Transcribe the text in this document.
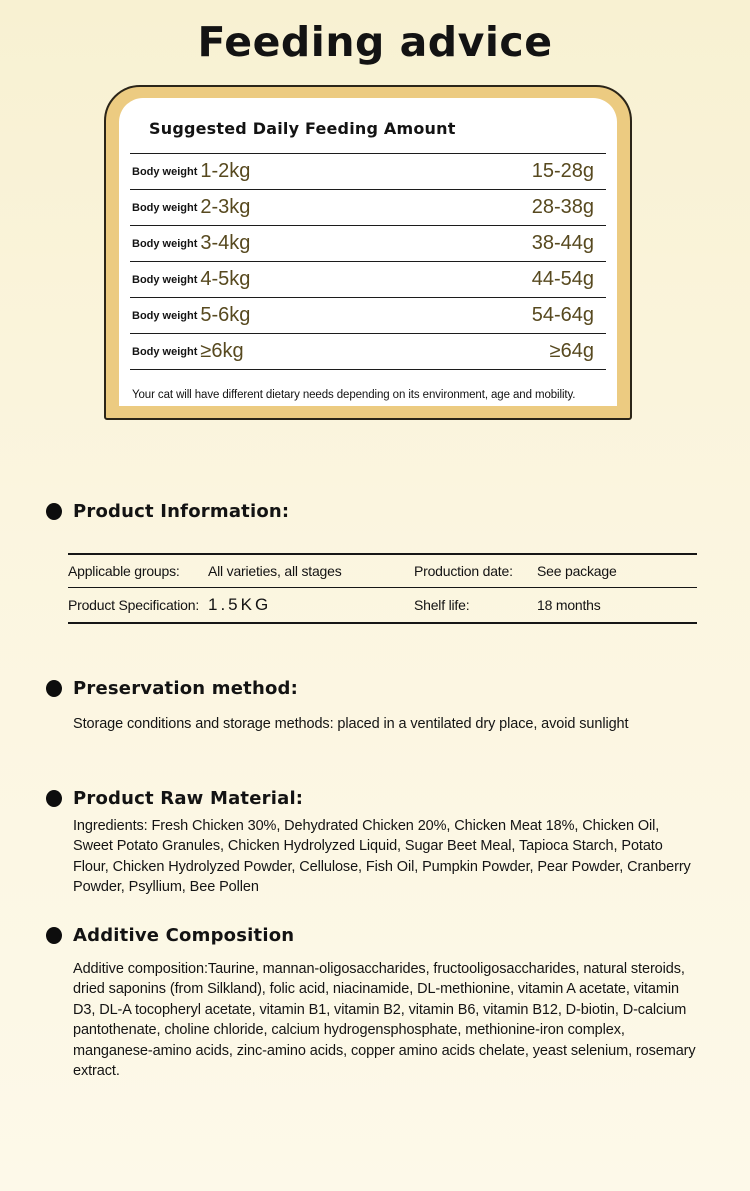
Feeding advice
Suggested Daily Feeding Amount
Body weight 1-2kg	15-28g
Body weight 2-3kg	28-38g
Body weight 3-4kg	38-44g
Body weight 4-5kg	44-54g
Body weight 5-6kg	54-64g
Body weight ≥6kg	≥64g
Your cat will have different dietary needs depending on its environment, age and mobility.
Product Information:
Applicable groups:	All varieties, all stages	Production date:	See package
Product Specification: 1.5KG	Shelf life:	18 months
Preservation method:
Storage conditions and storage methods: placed in a ventilated dry place, avoid sunlight
Product Raw Material:
Ingredients: Fresh Chicken 30%, Dehydrated Chicken 20%, Chicken Meat 18%, Chicken Oil, Sweet Potato Granules, Chicken Hydrolyzed Liquid, Sugar Beet Meal, Tapioca Starch, Potato Flour, Chicken Hydrolyzed Powder, Cellulose, Fish Oil, Pumpkin Powder, Pear Powder, Cranberry Powder, Psyllium, Bee Pollen
Additive Composition
Additive composition:Taurine, mannan-oligosaccharides, fructooligosaccharides, natural steroids, dried saponins (from Silkland), folic acid, niacinamide, DL-methionine, vitamin A acetate, vitamin D3, DL-A tocopheryl acetate, vitamin B1, vitamin B2, vitamin B6, vitamin B12, D-biotin, D-calcium pantothenate, choline chloride, calcium hydrogensphosphate, methionine-iron complex, manganese-amino acids, zinc-amino acids, copper amino acids chelate, yeast selenium, rosemary extract.
